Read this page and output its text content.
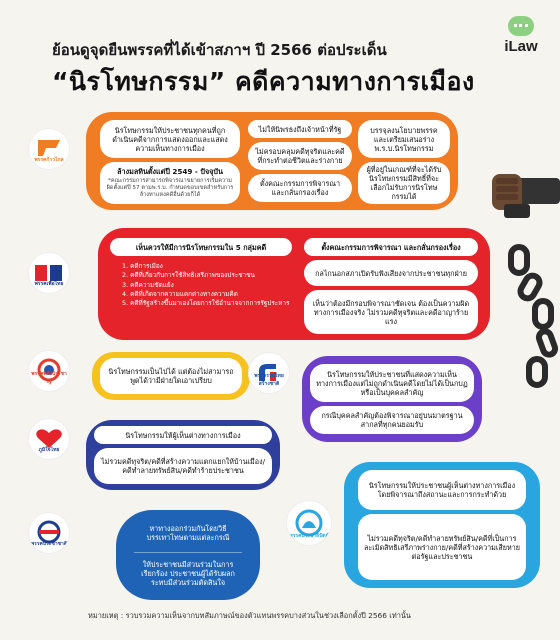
ย้อนดูจุดยืนพรรคที่ได้เข้าสภาฯ ปี 2566 ต่อประเด็น
“นิรโทษกรรม” คดีความทางการเมือง
iLaw
พรรคก้าวไกล
นิรโทษกรรมให้ประชาชนทุกคนที่ถูกดำเนินคดีจากการแสดงออกและแสดงความเห็นทางการเมือง
ล้างมลทินตั้งแต่ปี 2549 - ปัจจุบัน
*คณะกรรมการสามารถพิจารณาขยายการเริ่มความผิดตั้งแต่ปี 57 ตามพ.ร.บ. กำหนดขอบเขตสำหรับการล้างทาแหงคดีอื่นด้วยก็ได้
ไม่ให้นิพรธงถึงเจ้าหน้าที่รัฐ
ไม่ครอบคลุมคดีทุจริตและคดีที่กระทำต่อชีวิตและร่างกาย
ตั้งคณะกรรมการพิจารณาและกลั่นกรองเรื่อง
บรรจุลงนโยบายพรรคและเตรียมเสนอร่าง พ.ร.บ.นิรโทษกรรม
ผู้ที่อยู่ในเกณฑ์ที่จะได้รับนิรโทษกรรมมีสิทธิ์ที่จะเลือกไม่รับการนิรโทษกรรมได้
พรรคเพื่อไทย
เห็นควรให้มีการนิรโทษกรรมใน 5 กลุ่มคดี
1. คดีการเมือง
2. คดีที่เกี่ยวกับการใช้สิทธิเสรีภาพของประชาชน
3. คดีความขัดแย้ง
4. คดีที่เกิดจากความแตกต่างทางความคิด
5. คดีที่รัฐสร้างขึ้นมาเองโดยการใช้อำนาจจากการรัฐประหาร
ตั้งคณะกรรมการพิจารณา และกลั่นกรองเรื่อง
กลไกนอกสภาเปิดรับฟังเสียงจากประชาชนทุกฝ่าย
เห็นว่าต้องมีกรอบพิจารณาชัดเจน ต้องเป็นความผิดทางการเมืองจริง ไม่รวมคดีทุจริตและคดีอาญาร้ายแรง
พรรคพลังประชารัฐ
นิรโทษกรรมเป็นไปได้ แต่ต้องไม่สามารถพูดได้ว่ามีฝ่ายใดเอาเปรียบ
นิรโทษกรรมให้ประชาชนที่แสดงความเห็นทางการเมืองแต่ไม่ถูกดำเนินคดีโดยไม่ได้เป็นกบฏหรือเป็นบุคคลสำคัญ
กรณีบุคคลสำคัญต้องพิจารณาอยู่บนมาตรฐานสากลที่ทุกคนยอมรับ
พรรครวมไทยสร้างชาติ
ภูมิใจไทย
นิรโทษกรรมให้ผู้เห็นต่างทางการเมือง
ไม่รวมคดีทุจริต/คดีที่สร้างความแตกแยกให้บ้านเมือง/คดีทำลายทรัพย์สิน/คดีทำร้ายประชาชน
พรรคประชาชาติ
หาทางออกร่วมกันโดยวิธีบรรเทาโทษตามแต่ละกรณี
ให้ประชาชนมีส่วนร่วมในการเรียกร้อง ประชาชนผู้ได้รับผลกระทบมีส่วนร่วมตัดสินใจ
พรรคประชาธิปัตย์
นิรโทษกรรมให้ประชาชนผู้เห็นต่างทางการเมืองโดยพิจารณาถึงสถานะและการกระทำด้วย
ไม่รวมคดีทุจริต/คดีทำลายทรัพย์สิน/คดีที่เป็นการละเมิดสิทธิเสรีภาพร่างกาย/คดีที่สร้างความเสียหายต่อรัฐและประชาชน
หมายเหตุ : รวบรวมความเห็นจากบทสัมภาษณ์ของตัวแทนพรรคบางส่วนในช่วงเลือกตั้งปี 2566 เท่านั้น
